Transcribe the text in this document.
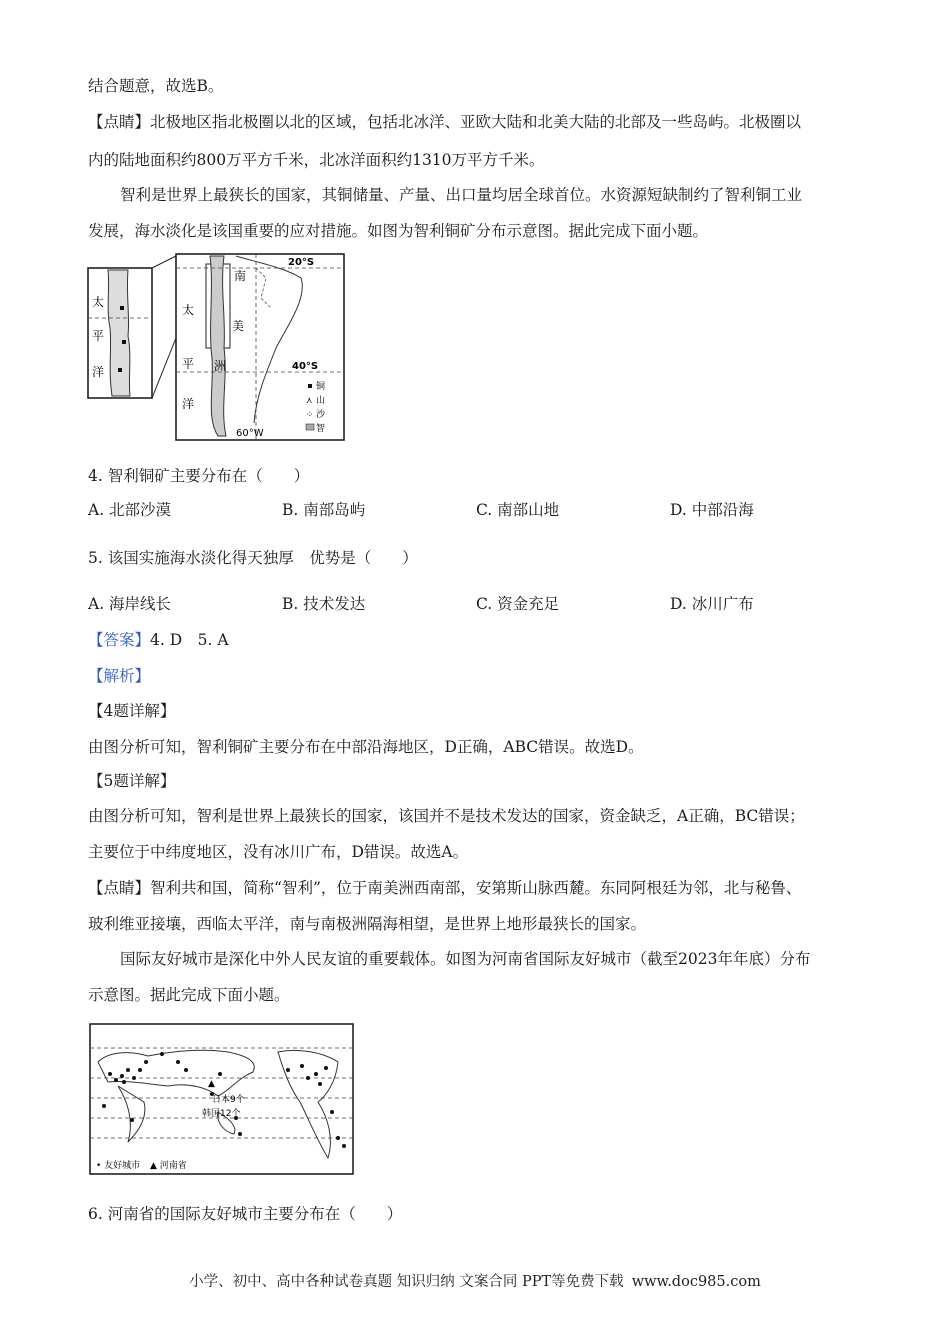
结合题意，故选B。
【点睛】北极地区指北极圈以北的区域，包括北冰洋、亚欧大陆和北美大陆的北部及一些岛屿。北极圈以
内的陆地面积约800万平方千米，北冰洋面积约1310万平方千米。
智利是世界上最狭长的国家，其铜储量、产量、出口量均居全球首位。水资源短缺制约了智利铜工业
发展，海水淡化是该国重要的应对措施。如图为智利铜矿分布示意图。据此完成下面小题。
太
平
洋
南
美
洲
太
平
洋
20°S
40°S
60°W
铜
⋏ 山
⁘ 沙
智
4. 智利铜矿主要分布在（　　）
A. 北部沙漠	B. 南部岛屿	C. 南部山地	D. 中部沿海
5. 该国实施海水淡化得天独厚　优势是（　　）
A. 海岸线长	B. 技术发达	C. 资金充足	D. 冰川广布
【答案】4. D　5. A
【解析】
【4题详解】
由图分析可知，智利铜矿主要分布在中部沿海地区，D正确，ABC错误。故选D。
【5题详解】
由图分析可知，智利是世界上最狭长的国家，该国并不是技术发达的国家，资金缺乏，A正确，BC错误；
主要位于中纬度地区，没有冰川广布，D错误。故选A。
【点睛】智利共和国，简称“智利”，位于南美洲西南部，安第斯山脉西麓。东同阿根廷为邻，北与秘鲁、
玻利维亚接壤，西临太平洋，南与南极洲隔海相望，是世界上地形最狭长的国家。
国际友好城市是深化中外人民友谊的重要载体。如图为河南省国际友好城市（截至2023年年底）分布
示意图。据此完成下面小题。
▲
日本9个
韩国12个
• 友好城市 ▲ 河南省
6. 河南省的国际友好城市主要分布在（　　）
小学、初中、高中各种试卷真题 知识归纳 文案合同 PPT等免费下载 www.doc985.com
